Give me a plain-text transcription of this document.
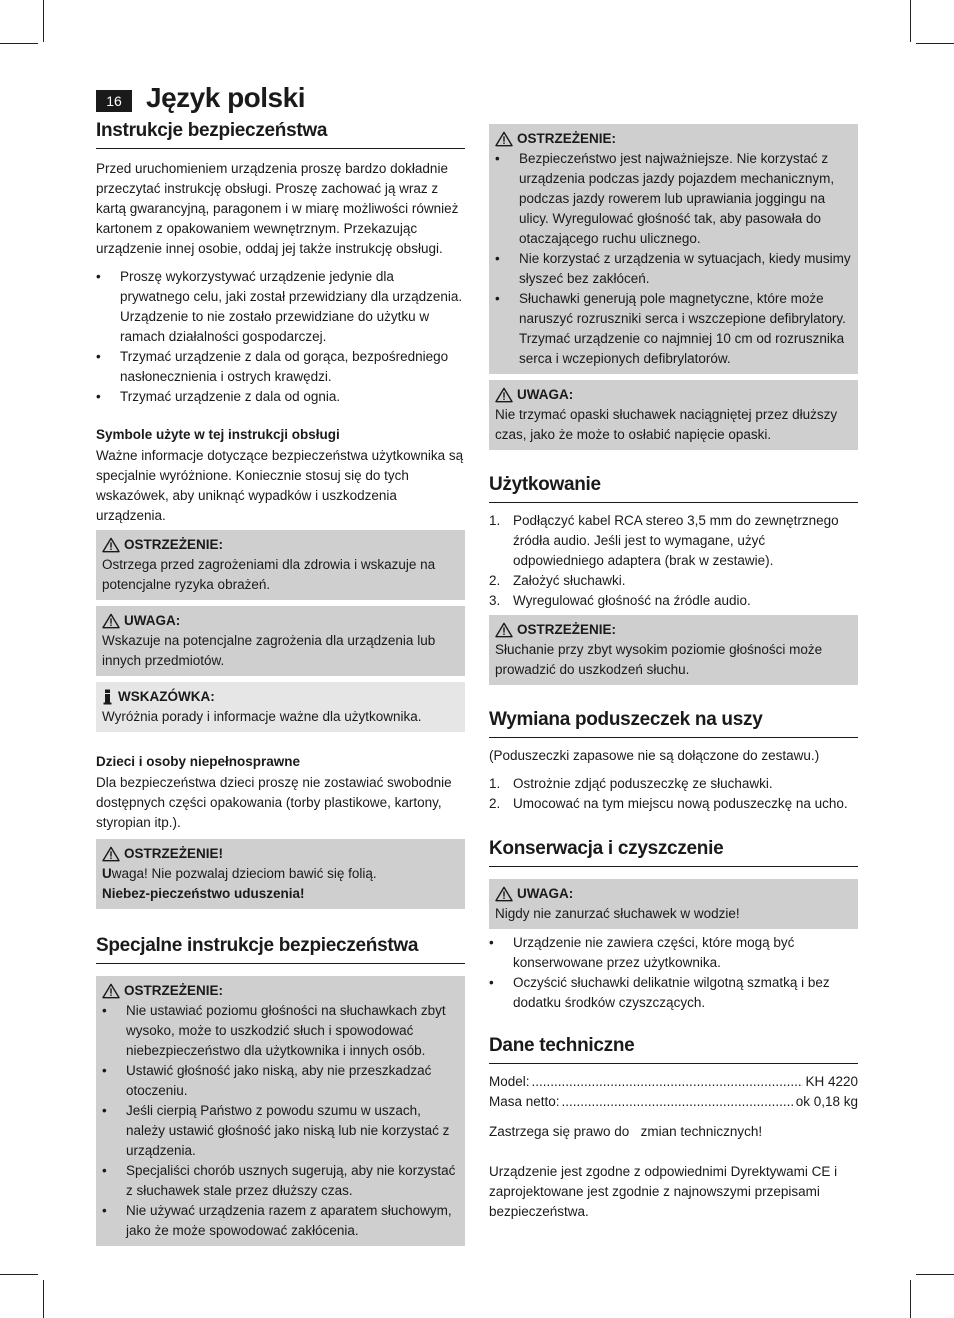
16 Język polski
Instrukcje bezpieczeństwa

Przed uruchomieniem urządzenia proszę bardzo dokładnie przeczytać instrukcję obsługi. Proszę zachować ją wraz z kartą gwarancyjną, paragonem i w miarę możliwości również kartonem z opakowaniem wewnętrznym. Przekazując urządzenie innej osobie, oddaj jej także instrukcję obsługi.

• Proszę wykorzystywać urządzenie jedynie dla prywatnego celu, jaki został przewidziany dla urządzenia. Urządzenie to nie zostało przewidziane do użytku w ramach działalności gospodarczej.
• Trzymać urządzenie z dala od gorąca, bezpośredniego nasłonecznienia i ostrych krawędzi.
• Trzymać urządzenie z dala od ognia.
Symbole użyte w tej instrukcji obsługi

Ważne informacje dotyczące bezpieczeństwa użytkownika są specjalnie wyróżnione. Koniecznie stosuj się do tych wskazówek, aby uniknąć wypadków i uszkodzenia urządzenia.

OSTRZEŻENIE:

Ostrzega przed zagrożeniami dla zdrowia i wskazuje na potencjalne ryzyka obrażeń.

UWAGA:

Wskazuje na potencjalne zagrożenia dla urządzenia lub innych przedmiotów.

WSKAZÓWKA:

Wyróżnia porady i informacje ważne dla użytkownika.

Dzieci i osoby niepełnosprawne

Dla bezpieczeństwa dzieci proszę nie zostawiać swobodnie dostępnych części opakowania (torby plastikowe, kartony, styropian itp.).

OSTRZEŻENIE!

Uwaga! Nie pozwalaj dzieciom bawić się folią.

Niebez-pieczeństwo uduszenia!

Specjalne instrukcje bezpieczeństwa
OSTRZEŻENIE:
• Nie ustawiać poziomu głośności na słuchawkach zbyt wysoko, może to uszkodzić słuch i spowodować niebezpieczeństwo dla użytkownika i innych osób.
• Ustawić głośność jako niską, aby nie przeszkadzać otoczeniu.
• Jeśli cierpią Państwo z powodu szumu w uszach, należy ustawić głośność jako niską lub nie korzystać z urządzenia.
• Specjaliści chorób usznych sugerują, aby nie korzystać z słuchawek stale przez dłuższy czas.
• Nie używać urządzenia razem z aparatem słuchowym, jako że może spowodować zakłócenia.
OSTRZEŻENIE:
• Bezpieczeństwo jest najważniejsze. Nie korzystać z urządzenia podczas jazdy pojazdem mechanicznym, podczas jazdy rowerem lub uprawiania joggingu na ulicy. Wyregulować głośność tak, aby pasowała do otaczającego ruchu ulicznego.
• Nie korzystać z urządzenia w sytuacjach, kiedy musimy słyszeć bez zakłóceń.
• Słuchawki generują pole magnetyczne, które może naruszyć rozruszniki serca i wszczepione defibrylatory. Trzymać urządzenie co najmniej 10 cm od rozrusznika serca i wczepionych defibrylatorów.
UWAGA:

Nie trzymać opaski słuchawek naciągniętej przez dłuższy czas, jako że może to osłabić napięcie opaski.

Użytkowanie
1. Podłączyć kabel RCA stereo 3,5 mm do zewnętrznego źródła audio. Jeśli jest to wymagane, użyć odpowiedniego adaptera (brak w zestawie).
2. Założyć słuchawki.
3. Wyregulować głośność na źródle audio.
OSTRZEŻENIE:

Słuchanie przy zbyt wysokim poziomie głośności może prowadzić do uszkodzeń słuchu.

Wymiana poduszeczek na uszy

(Poduszeczki zapasowe nie są dołączone do zestawu.)

1. Ostrożnie zdjąć poduszeczkę ze słuchawki.
2. Umocować na tym miejscu nową poduszeczkę na ucho.
Konserwacja i czyszczenie
UWAGA:

Nigdy nie zanurzać słuchawek w wodzie!

• Urządzenie nie zawiera części, które mogą być konserwowane przez użytkownika.
• Oczyścić słuchawki delikatnie wilgotną szmatką i bez dodatku środków czyszczących.
Dane techniczne
Model: .....	KH 4220
Masa netto: .....	ok 0,18 kg

Zastrzega się prawo do   zmian technicznych!

Urządzenie jest zgodne z odpowiednimi Dyrektywami CE i zaprojektowane jest zgodnie z najnowszymi przepisami bezpieczeństwa.
